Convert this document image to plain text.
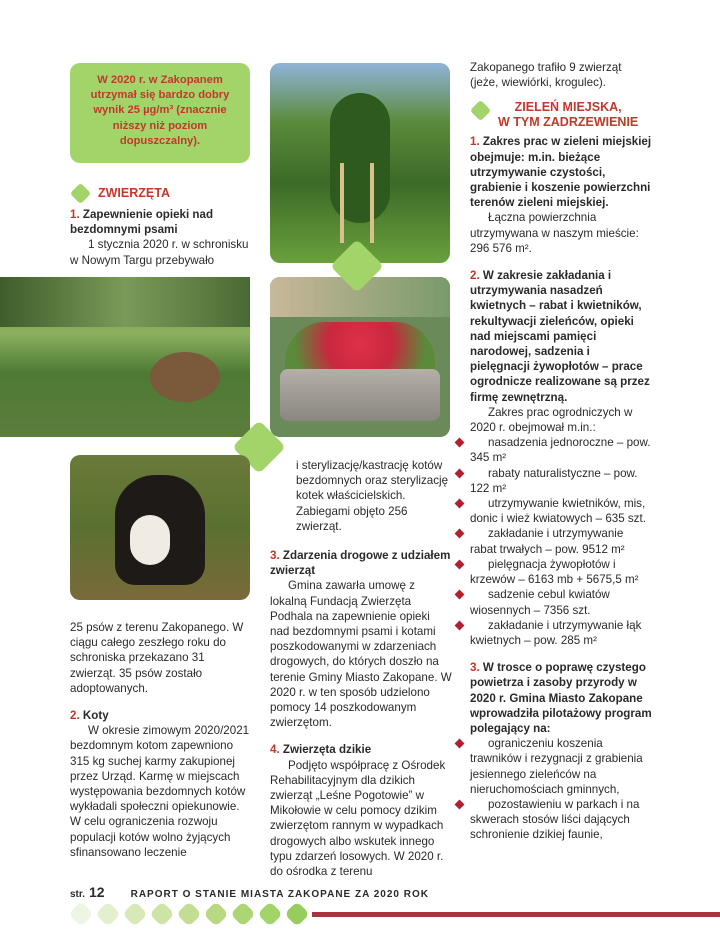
W 2020 r. w Zakopanem utrzymał się bardzo dobry wynik 25 µg/m³ (znacznie niższy niż poziom dopuszczalny).
ZWIERZĘTA
1. Zapewnienie opieki nad bezdomnymi psami
1 stycznia 2020 r. w schronisku w Nowym Targu przebywało
25 psów z terenu Zakopanego. W ciągu całego zeszłego roku do schroniska przekazano 31 zwierząt. 35 psów zostało adoptowanych.
2. Koty
W okresie zimowym 2020/2021 bezdomnym kotom zapewniono 315 kg suchej karmy zakupionej przez Urząd. Karmę w miejscach występowania bezdomnych kotów wykładali społeczni opiekunowie. W celu ograniczenia rozwoju populacji kotów wolno żyjących sfinansowano leczenie
i sterylizację/kastrację kotów bezdomnych oraz sterylizację kotek właścicielskich. Zabiegami objęto 256 zwierząt.
3. Zdarzenia drogowe z udziałem zwierząt
Gmina zawarła umowę z lokalną Fundacją Zwierzęta Podhala na zapewnienie opieki nad bezdomnymi psami i kotami poszkodowanymi w zdarzeniach drogowych, do których doszło na terenie Gminy Miasto Zakopane. W 2020 r. w ten sposób udzielono pomocy 14 poszkodowanym zwierzętom.
4. Zwierzęta dzikie
Podjęto współpracę z Ośrodek Rehabilitacyjnym dla dzikich zwierząt „Leśne Pogotowie” w Mikołowie w celu pomocy dzikim zwierzętom rannym w wypadkach drogowych albo wskutek innego typu zdarzeń losowych. W 2020 r. do ośrodka z terenu
Zakopanego trafiło 9 zwierząt (jeże, wiewiórki, krogulec).
ZIELEŃ MIEJSKA,
W TYM ZADRZEWIENIE
1. Zakres prac w zieleni miejskiej obejmuje: m.in. bieżące utrzymywanie czystości, grabienie i koszenie powierzchni terenów zieleni miejskiej.
Łączna powierzchnia utrzymywana w naszym mieście: 296 576 m².
2. W zakresie zakładania i utrzymywania nasadzeń kwietnych – rabat i kwietników, rekultywacji zieleńców, opieki nad miejscami pamięci narodowej, sadzenia i pielęgnacji żywopłotów – prace ogrodnicze realizowane są przez firmę zewnętrzną.
Zakres prac ogrodniczych w 2020 r. obejmował m.in.:
nasadzenia jednoroczne – pow. 345 m²
rabaty naturalistyczne – pow. 122 m²
utrzymywanie kwietników, mis, donic i wież kwiatowych – 635 szt.
zakładanie i utrzymywanie rabat trwałych – pow. 9512 m²
pielęgnacja żywopłotów i krzewów – 6163 mb + 5675,5 m²
sadzenie cebul kwiatów wiosennych – 7356 szt.
zakładanie i utrzymywanie łąk kwietnych – pow. 285 m²
3. W trosce o poprawę czystego powietrza i zasoby przyrody w 2020 r. Gmina Miasto Zakopane wprowadziła pilotażowy program polegający na:
ograniczeniu koszenia trawników i rezygnacji z grabienia jesiennego zieleńców na nieruchomościach gminnych,
pozostawieniu w parkach i na skwerach stosów liści dających schronienie dzikiej faunie,
str. 12	RAPORT O STANIE MIASTA ZAKOPANE ZA 2020 ROK
